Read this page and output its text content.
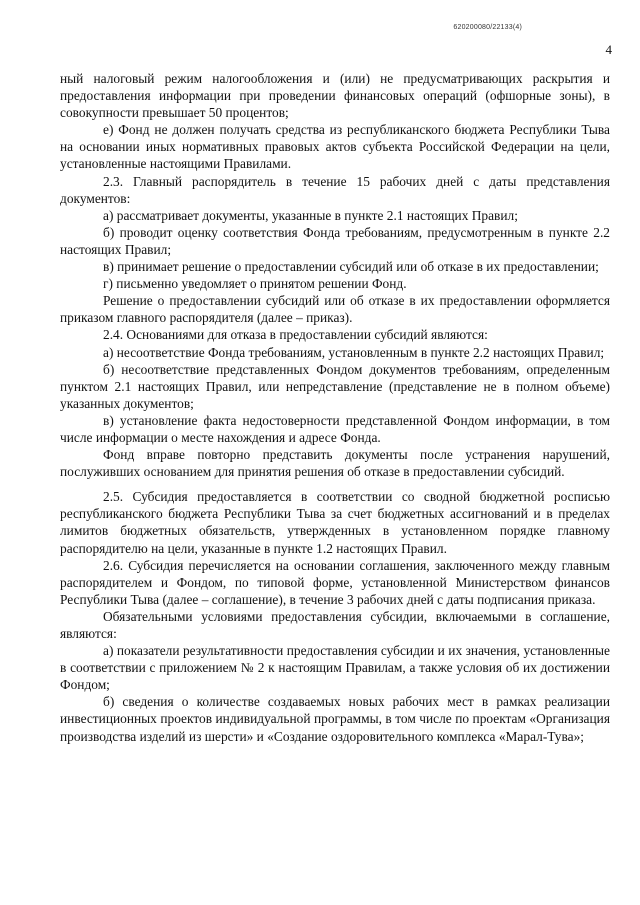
620200080/22133(4)
4

ный налоговый режим налогообложения и (или) не предусматривающих раскрытия и предоставления информации при проведении финансовых операций (офшорные зоны), в совокупности превышает 50 процентов;

е) Фонд не должен получать средства из республиканского бюджета Республики Тыва на основании иных нормативных правовых актов субъекта Российской Федерации на цели, установленные настоящими Правилами.

2.3. Главный распорядитель в течение 15 рабочих дней с даты представления документов:

а) рассматривает документы, указанные в пункте 2.1 настоящих Правил;

б) проводит оценку соответствия Фонда требованиям, предусмотренным в пункте 2.2 настоящих Правил;

в) принимает решение о предоставлении субсидий или об отказе в их предоставлении;

г) письменно уведомляет о принятом решении Фонд.

Решение о предоставлении субсидий или об отказе в их предоставлении оформляется приказом главного распорядителя (далее – приказ).

2.4. Основаниями для отказа в предоставлении субсидий являются:

а) несоответствие Фонда требованиям, установленным в пункте 2.2 настоящих Правил;

б) несоответствие представленных Фондом документов требованиям, определенным пунктом 2.1 настоящих Правил, или непредставление (представление не в полном объеме) указанных документов;

в) установление факта недостоверности представленной Фондом информации, в том числе информации о месте нахождения и адресе Фонда.

Фонд вправе повторно представить документы после устранения нарушений, послуживших основанием для принятия решения об отказе в предоставлении субсидий.

2.5. Субсидия предоставляется в соответствии со сводной бюджетной росписью республиканского бюджета Республики Тыва за счет бюджетных ассигнований и в пределах лимитов бюджетных обязательств, утвержденных в установленном порядке главному распорядителю на цели, указанные в пункте 1.2 настоящих Правил.

2.6. Субсидия перечисляется на основании соглашения, заключенного между главным распорядителем и Фондом, по типовой форме, установленной Министерством финансов Республики Тыва (далее – соглашение), в течение 3 рабочих дней с даты подписания приказа.

Обязательными условиями предоставления субсидии, включаемыми в соглашение, являются:

а) показатели результативности предоставления субсидии и их значения, установленные в соответствии с приложением № 2 к настоящим Правилам, а также условия об их достижении Фондом;

б) сведения о количестве создаваемых новых рабочих мест в рамках реализации инвестиционных проектов индивидуальной программы, в том числе по проектам «Организация производства изделий из шерсти» и «Создание оздоровительного комплекса «Марал-Тува»;
